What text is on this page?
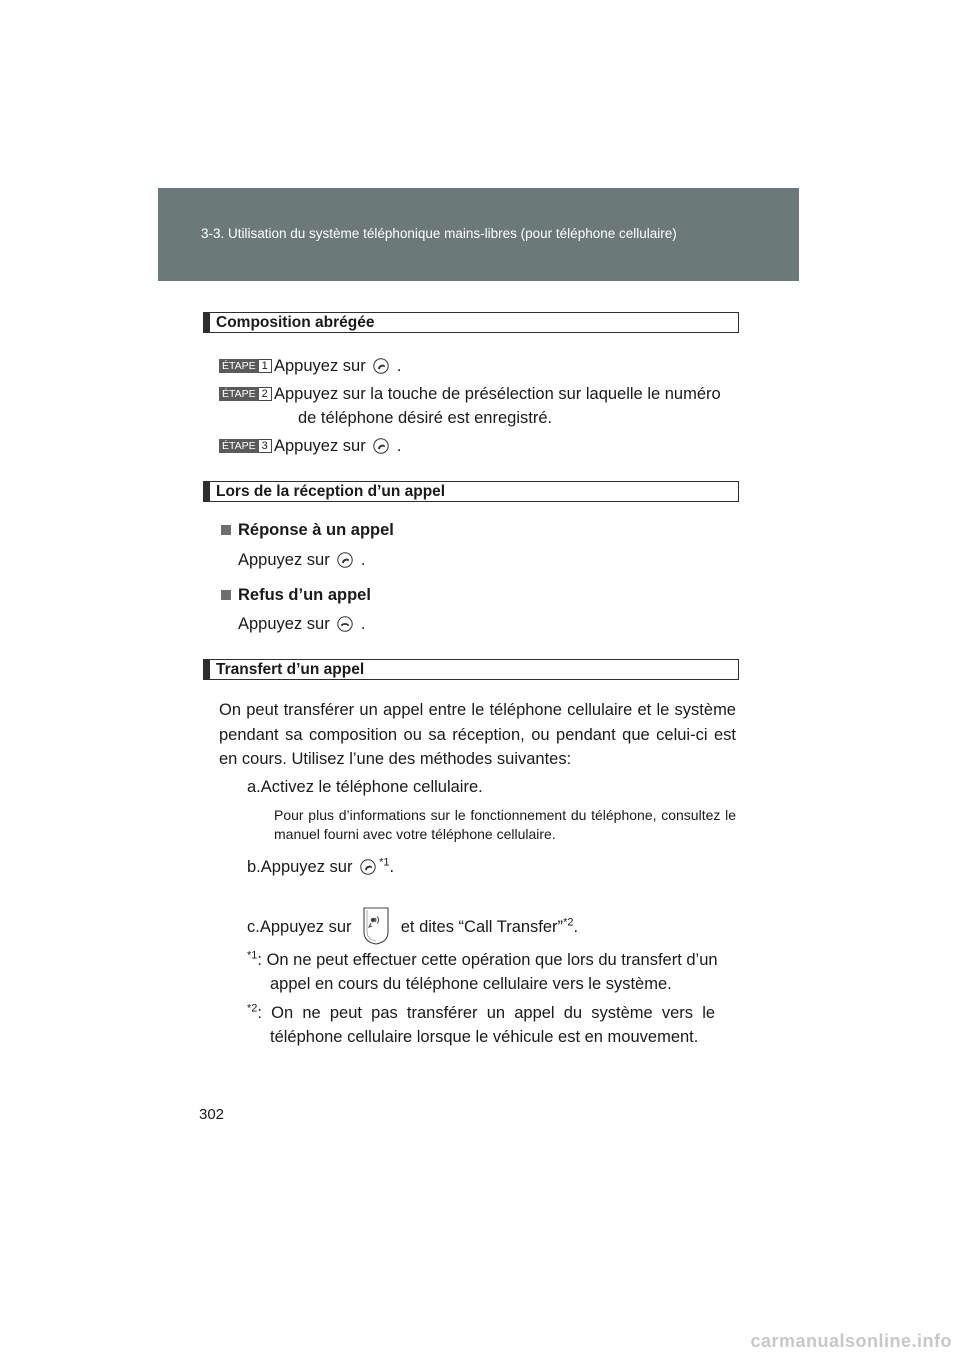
3-3. Utilisation du système téléphonique mains-libres (pour téléphone cellulaire)
Composition abrégée
ÉTAPE 1 Appuyez sur .
ÉTAPE 2 Appuyez sur la touche de présélection sur laquelle le numéro
de téléphone désiré est enregistré.
ÉTAPE 3 Appuyez sur .
Lors de la réception d’un appel
Réponse à un appel
Appuyez sur .
Refus d’un appel
Appuyez sur .
Transfert d’un appel
On peut transférer un appel entre le téléphone cellulaire et le système pendant sa composition ou sa réception, ou pendant que celui-ci est en cours. Utilisez l’une des méthodes suivantes:
a.Activez le téléphone cellulaire.
Pour plus d’informations sur le fonctionnement du téléphone, consultez le manuel fourni avec votre téléphone cellulaire.
b.Appuyez sur $^{*1}$.
c.Appuyez sur	et dites “Call Transfer”$^{*2}$.
$^{*1}$: On ne peut effectuer cette opération que lors du transfert d’un
appel en cours du téléphone cellulaire vers le système.
$^{*2}$:  On  ne  peut  pas  transférer  un  appel  du  système  vers  le
téléphone cellulaire lorsque le véhicule est en mouvement.
302
carmanualsonline.info
